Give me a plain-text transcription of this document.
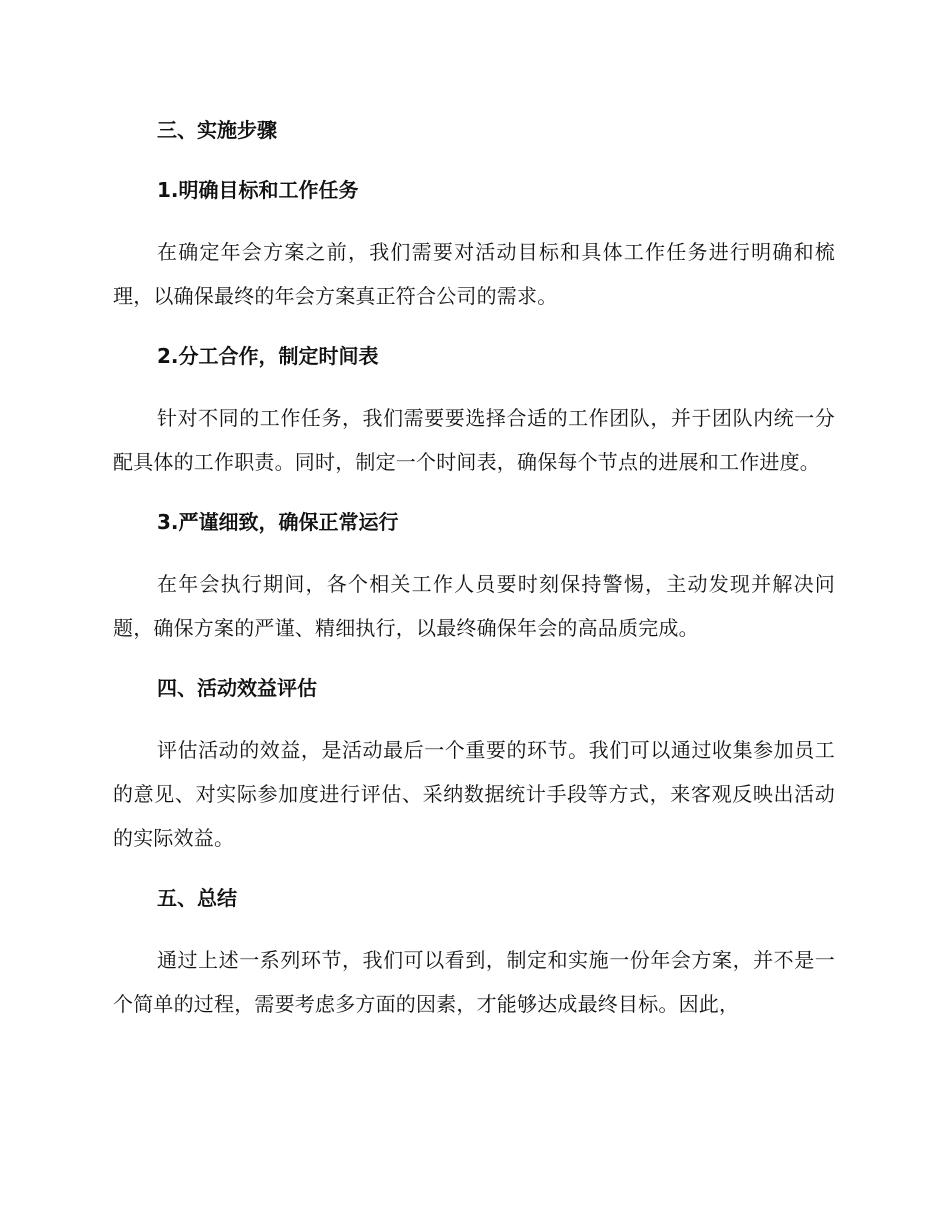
三、实施步骤
1.明确目标和工作任务

在确定年会方案之前，我们需要对活动目标和具体工作任务进行明确和梳理，以确保最终的年会方案真正符合公司的需求。

2.分工合作，制定时间表

针对不同的工作任务，我们需要要选择合适的工作团队，并于团队内统一分配具体的工作职责。同时，制定一个时间表，确保每个节点的进展和工作进度。

3.严谨细致，确保正常运行

在年会执行期间，各个相关工作人员要时刻保持警惕，主动发现并解决问题，确保方案的严谨、精细执行，以最终确保年会的高品质完成。

四、活动效益评估

评估活动的效益，是活动最后一个重要的环节。我们可以通过收集参加员工的意见、对实际参加度进行评估、采纳数据统计手段等方式，来客观反映出活动的实际效益。

五、总结

通过上述一系列环节，我们可以看到，制定和实施一份年会方案，并不是一个简单的过程，需要考虑多方面的因素，才能够达成最终目标。因此，
